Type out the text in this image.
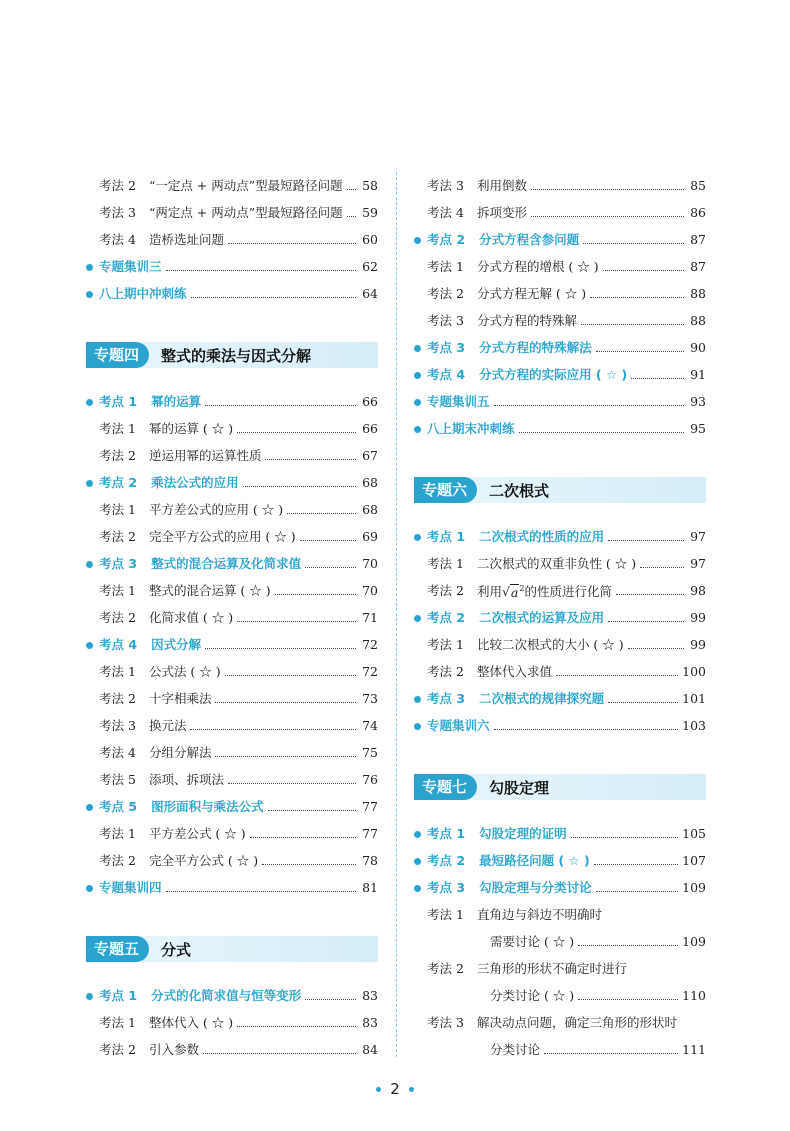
考法 2 “一定点 + 两动点”型最短路径问题 58
考法 3 “两定点 + 两动点”型最短路径问题 59
考法 4 造桥选址问题	60
专题集训三	62
八上期中冲刺练	64
专题四	整式的乘法与因式分解
考点 1 幂的运算	66
考法 1 幂的运算 ( ☆ )	66
考法 2 逆运用幂的运算性质	67
考点 2 乘法公式的应用	68
考法 1 平方差公式的应用 ( ☆ )	68
考法 2 完全平方公式的应用 ( ☆ )	69
考点 3 整式的混合运算及化简求值	70
考法 1 整式的混合运算 ( ☆ )	70
考法 2 化简求值 ( ☆ )	71
考点 4 因式分解	72
考法 1 公式法 ( ☆ )	72
考法 2 十字相乘法	73
考法 3 换元法	74
考法 4 分组分解法	75
考法 5 添项、拆项法	76
考点 5 图形面积与乘法公式	77
考法 1 平方差公式 ( ☆ )	77
考法 2 完全平方公式 ( ☆ )	78
专题集训四	81
专题五	分式
考点 1 分式的化简求值与恒等变形	83
考法 1 整体代入 ( ☆ )	83
考法 2 引入参数	84
考法 3 利用倒数	85
考法 4 拆项变形	86
考点 2 分式方程含参问题	87
考法 1 分式方程的增根 ( ☆ )	87
考法 2 分式方程无解 ( ☆ )	88
考法 3 分式方程的特殊解	88
考点 3 分式方程的特殊解法	90
考点 4 分式方程的实际应用 ( ☆ )	91
专题集训五	93
八上期末冲刺练	95
专题六	二次根式
考点 1 二次根式的性质的应用	97
考法 1 二次根式的双重非负性 ( ☆ )	97
考法 2 利用$√a^2$的性质进行化简	98
考点 2 二次根式的运算及应用	99
考法 1 比较二次根式的大小 ( ☆ )	99
考法 2 整体代入求值	100
考点 3 二次根式的规律探究题	101
专题集训六	103
专题七	勾股定理
考点 1 勾股定理的证明	105
考点 2 最短路径问题 ( ☆ )	107
考点 3 勾股定理与分类讨论	109
考法 1 直角边与斜边不明确时
需要讨论 ( ☆ )	109
考法 2 三角形的形状不确定时进行
分类讨论 ( ☆ )	110
考法 3 解决动点问题，确定三角形的形状时
分类讨论	111
2
